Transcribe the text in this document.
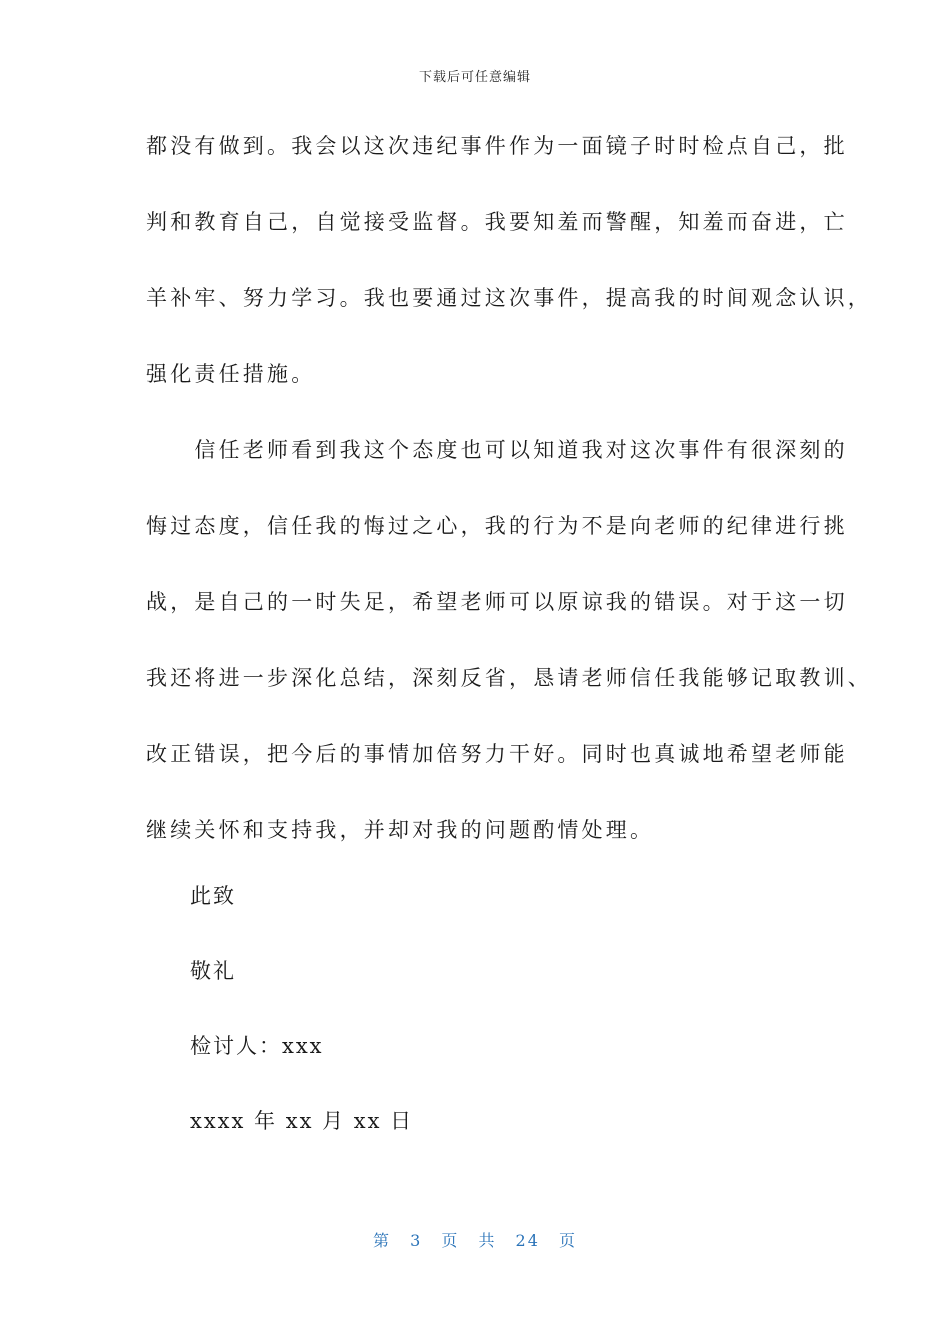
下载后可任意编辑
都没有做到。我会以这次违纪事件作为一面镜子时时检点自己，批
判和教育自己，自觉接受监督。我要知羞而警醒，知羞而奋进，亡
羊补牢、努力学习。我也要通过这次事件，提高我的时间观念认识，
强化责任措施。
　　信任老师看到我这个态度也可以知道我对这次事件有很深刻的
悔过态度，信任我的悔过之心，我的行为不是向老师的纪律进行挑
战，是自己的一时失足，希望老师可以原谅我的错误。对于这一切
我还将进一步深化总结，深刻反省，恳请老师信任我能够记取教训、
改正错误，把今后的事情加倍努力干好。同时也真诚地希望老师能
继续关怀和支持我，并却对我的问题酌情处理。
此致
敬礼
检讨人：xxx
xxxx 年 xx 月 xx 日
第 3 页 共 24 页
